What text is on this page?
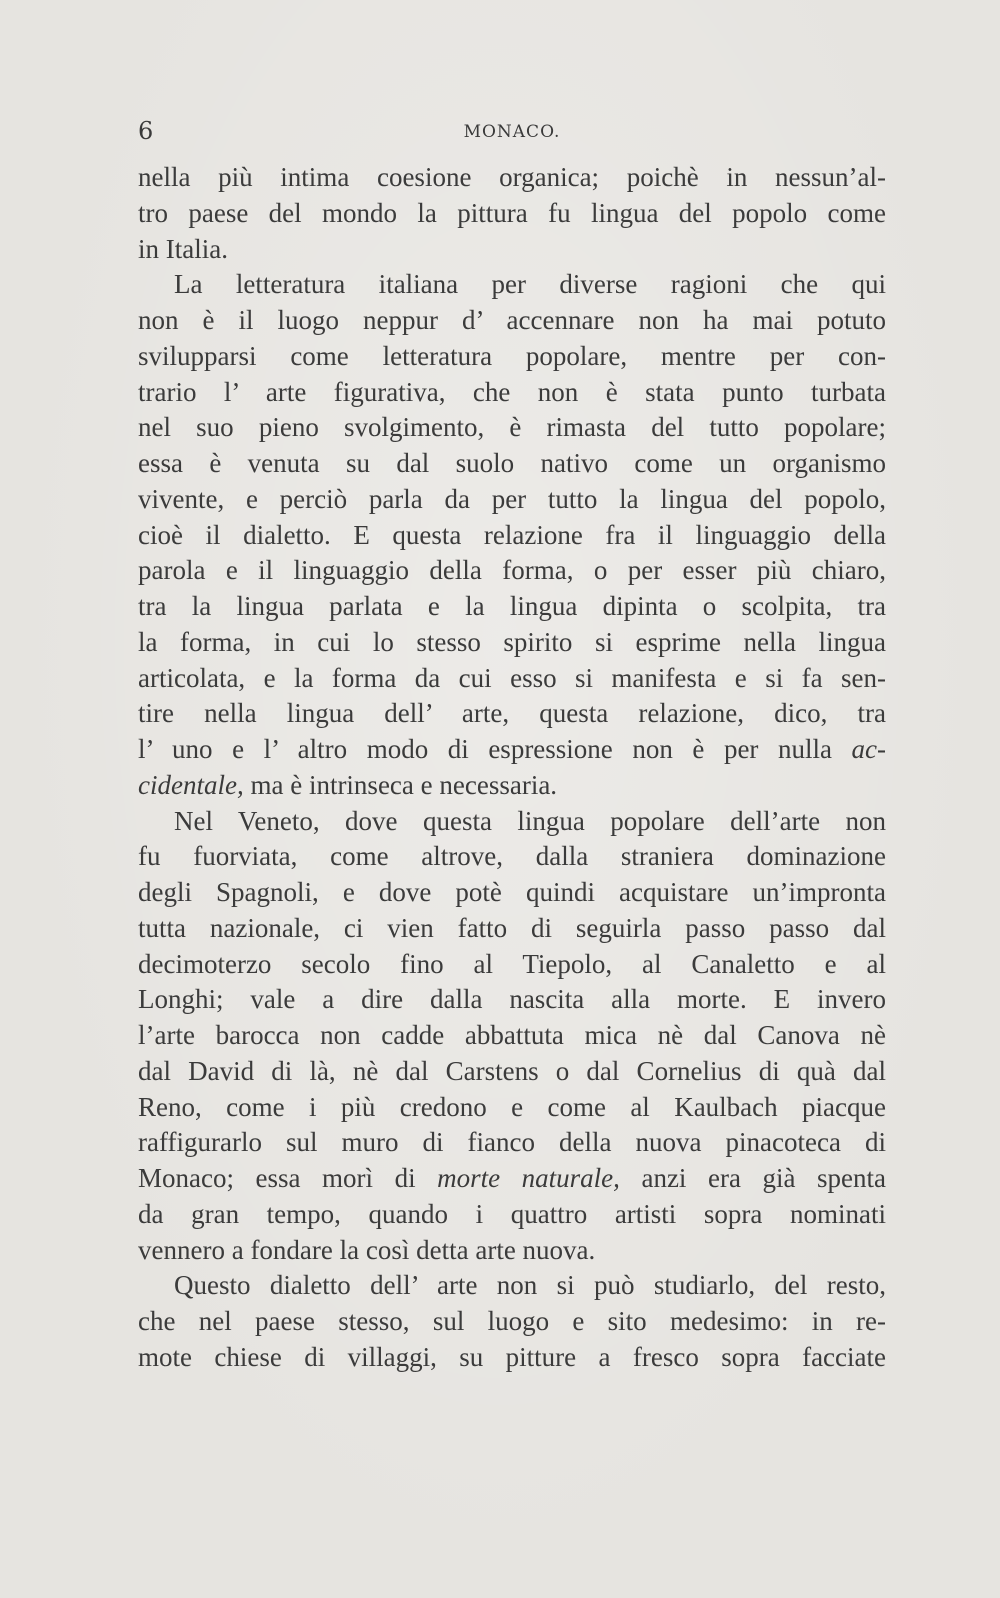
6	MONACO.
nella più intima coesione organica; poichè in nessun’al-
tro paese del mondo la pittura fu lingua del popolo come
in Italia.
La letteratura italiana per diverse ragioni che qui
non è il luogo neppur d’ accennare non ha mai potuto
svilupparsi come letteratura popolare, mentre per con-
trario l’ arte figurativa, che non è stata punto turbata
nel suo pieno svolgimento, è rimasta del tutto popolare;
essa è venuta su dal suolo nativo come un organismo
vivente, e perciò parla da per tutto la lingua del popolo,
cioè il dialetto. E questa relazione fra il linguaggio della
parola e il linguaggio della forma, o per esser più chiaro,
tra la lingua parlata e la lingua dipinta o scolpita, tra
la forma, in cui lo stesso spirito si esprime nella lingua
articolata, e la forma da cui esso si manifesta e si fa sen-
tire nella lingua dell’ arte, questa relazione, dico, tra
l’ uno e l’ altro modo di espressione non è per nulla ac-
cidentale, ma è intrinseca e necessaria.
Nel Veneto, dove questa lingua popolare dell’arte non
fu fuorviata, come altrove, dalla straniera dominazione
degli Spagnoli, e dove potè quindi acquistare un’impronta
tutta nazionale, ci vien fatto di seguirla passo passo dal
decimoterzo secolo fino al Tiepolo, al Canaletto e al
Longhi; vale a dire dalla nascita alla morte. E invero
l’arte barocca non cadde abbattuta mica nè dal Canova nè
dal David di là, nè dal Carstens o dal Cornelius di quà dal
Reno, come i più credono e come al Kaulbach piacque
raffigurarlo sul muro di fianco della nuova pinacoteca di
Monaco; essa morì di morte naturale, anzi era già spenta
da gran tempo, quando i quattro artisti sopra nominati
vennero a fondare la così detta arte nuova.
Questo dialetto dell’ arte non si può studiarlo, del resto,
che nel paese stesso, sul luogo e sito medesimo: in re-
mote chiese di villaggi, su pitture a fresco sopra facciate
